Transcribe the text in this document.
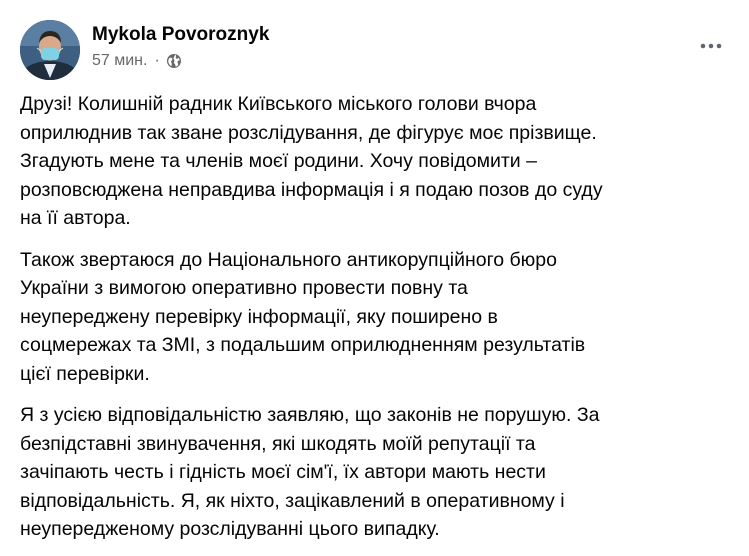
Mykola Povoroznyk
57 мин. ·

Друзі! Колишній радник Київського міського голови вчора
оприлюднив так зване розслідування, де фігурує моє прізвище.
Згадують мене та членів моєї родини. Хочу повідомити –
розповсюджена неправдива інформація і я подаю позов до суду
на її автора.

Також звертаюся до Національного антикорупційного бюро
України з вимогою оперативно провести повну та
неупереджену перевірку інформації, яку поширено в
соцмережах та ЗМІ, з подальшим оприлюдненням результатів
цієї перевірки.

Я з усією відповідальністю заявляю, що законів не порушую. За
безпідставні звинувачення, які шкодять моїй репутації та
зачіпають честь і гідність моєї сім'ї, їх автори мають нести
відповідальність. Я, як ніхто, зацікавлений в оперативному і
неупередженому розслідуванні цього випадку.
